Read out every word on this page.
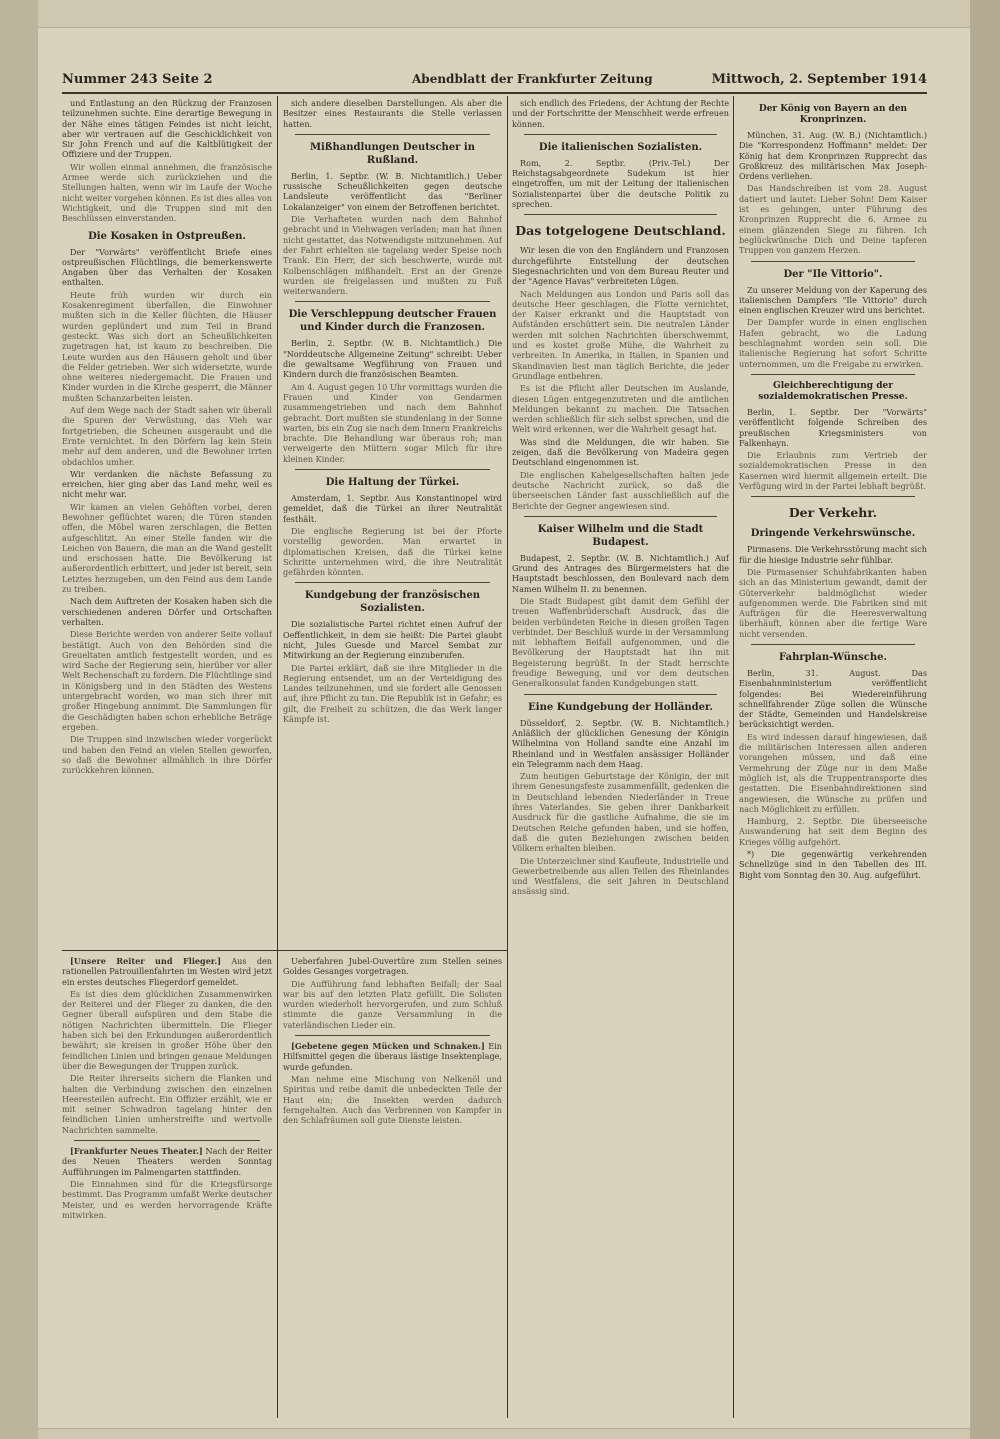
Nummer 243 Seite 2	Abendblatt der Frankfurter Zeitung	Mittwoch, 2. September 1914

und Entlastung an den Rückzug der Franzosen teilzunehmen suchte. Eine derartige Bewegung in der Nähe eines tätigen Feindes ist nicht leicht, aber wir vertrauen auf die Geschicklichkeit von Sir John French und auf die Kaltblütigkeit der Offiziere und der Truppen.

Wir wollen einmal annehmen, die französische Armee werde sich zurückziehen und die Stellungen halten, wenn wir im Laufe der Woche nicht weiter vorgehen können. Es ist dies alles von Wichtigkeit, und die Truppen sind mit den Beschlüssen einverstanden.

Die Kosaken in Ostpreußen.

Der "Vorwärts" veröffentlicht Briefe eines ostpreußischen Flüchtlings, die bemerkenswerte Angaben über das Verhalten der Kosaken enthalten.

Heute früh wurden wir durch ein Kosakenregiment überfallen, die Einwohner mußten sich in die Keller flüchten, die Häuser wurden geplündert und zum Teil in Brand gesteckt. Was sich dort an Scheußlichkeiten zugetragen hat, ist kaum zu beschreiben. Die Leute wurden aus den Häusern geholt und über die Felder getrieben. Wer sich widersetzte, wurde ohne weiteres niedergemacht. Die Frauen und Kinder wurden in die Kirche gesperrt, die Männer mußten Schanzarbeiten leisten.

Auf dem Wege nach der Stadt sahen wir überall die Spuren der Verwüstung, das Vieh war fortgetrieben, die Scheunen ausgeraubt und die Ernte vernichtet. In den Dörfern lag kein Stein mehr auf dem anderen, und die Bewohner irrten obdachlos umher.

Wir verdanken die nächste Befassung zu erreichen, hier ging aber das Land mehr, weil es nicht mehr war.

Wir kamen an vielen Gehöften vorbei, deren Bewohner geflüchtet waren; die Türen standen offen, die Möbel waren zerschlagen, die Betten aufgeschlitzt. An einer Stelle fanden wir die Leichen von Bauern, die man an die Wand gestellt und erschossen hatte. Die Bevölkerung ist außerordentlich erbittert, und jeder ist bereit, sein Letztes herzugeben, um den Feind aus dem Lande zu treiben.

Nach dem Auftreten der Kosaken haben sich die verschiedenen anderen Dörfer und Ortschaften verhalten.

Diese Berichte werden von anderer Seite vollauf bestätigt. Auch von den Behörden sind die Greueltaten amtlich festgestellt worden, und es wird Sache der Regierung sein, hierüber vor aller Welt Rechenschaft zu fordern. Die Flüchtlinge sind in Königsberg und in den Städten des Westens untergebracht worden, wo man sich ihrer mit großer Hingebung annimmt. Die Sammlungen für die Geschädigten haben schon erhebliche Beträge ergeben.

Die Truppen sind inzwischen wieder vorgerückt und haben den Feind an vielen Stellen geworfen, so daß die Bewohner allmählich in ihre Dörfer zurückkehren können.

sich andere dieselben Darstellungen. Als aber die Besitzer eines Restaurants die Stelle verlassen hatten.

Mißhandlungen Deutscher in Rußland.

Berlin, 1. Septbr. (W. B. Nichtamtlich.) Ueber russische Scheußlichkeiten gegen deutsche Landsleute veröffentlicht das "Berliner Lokalanzeiger" von einem der Betroffenen berichtet.

Die Verhafteten wurden nach dem Bahnhof gebracht und in Viehwagen verladen; man hat ihnen nicht gestattet, das Notwendigste mitzunehmen. Auf der Fahrt erhielten sie tagelang weder Speise noch Trank. Ein Herr, der sich beschwerte, wurde mit Kolbenschlägen mißhandelt. Erst an der Grenze wurden sie freigelassen und mußten zu Fuß weiterwandern.

Die Verschleppung deutscher Frauen und Kinder durch die Franzosen.

Berlin, 2. Septbr. (W. B. Nichtamtlich.) Die "Norddeutsche Allgemeine Zeitung" schreibt: Ueber die gewaltsame Wegführung von Frauen und Kindern durch die französischen Beamten.

Am 4. August gegen 10 Uhr vormittags wurden die Frauen und Kinder von Gendarmen zusammengetrieben und nach dem Bahnhof gebracht. Dort mußten sie stundenlang in der Sonne warten, bis ein Zug sie nach dem Innern Frankreichs brachte. Die Behandlung war überaus roh; man verweigerte den Müttern sogar Milch für ihre kleinen Kinder.

Die Haltung der Türkei.

Amsterdam, 1. Septbr. Aus Konstantinopel wird gemeldet, daß die Türkei an ihrer Neutralität festhält.

Die englische Regierung ist bei der Pforte vorstellig geworden. Man erwartet in diplomatischen Kreisen, daß die Türkei keine Schritte unternehmen wird, die ihre Neutralität gefährden könnten.

Kundgebung der französischen Sozialisten.

Die sozialistische Partei richtet einen Aufruf der Oeffentlichkeit, in dem sie heißt: Die Partei glaubt nicht, Jules Guesde und Marcel Sembat zur Mitwirkung an der Regierung einzuberufen.

Die Partei erklärt, daß sie ihre Mitglieder in die Regierung entsendet, um an der Verteidigung des Landes teilzunehmen, und sie fordert alle Genossen auf, ihre Pflicht zu tun. Die Republik ist in Gefahr; es gilt, die Freiheit zu schützen, die das Werk langer Kämpfe ist.

sich endlich des Friedens, der Achtung der Rechte und der Fortschritte der Menschheit werde erfreuen können.

Die italienischen Sozialisten.

Rom, 2. Septbr. (Priv.-Tel.) Der Reichstagsabgeordnete Sudekum ist hier eingetroffen, um mit der Leitung der italienischen Sozialistenpartei über die deutsche Politik zu sprechen.

Das totgelogene Deutschland.

Wir lesen die von den Engländern und Franzosen durchgeführte Entstellung der deutschen Siegesnachrichten und von dem Bureau Reuter und der "Agence Havas" verbreiteten Lügen.

Nach Meldungen aus London und Paris soll das deutsche Heer geschlagen, die Flotte vernichtet, der Kaiser erkrankt und die Hauptstadt von Aufständen erschüttert sein. Die neutralen Länder werden mit solchen Nachrichten überschwemmt, und es kostet große Mühe, die Wahrheit zu verbreiten. In Amerika, in Italien, in Spanien und Skandinavien liest man täglich Berichte, die jeder Grundlage entbehren.

Es ist die Pflicht aller Deutschen im Auslande, diesen Lügen entgegenzutreten und die amtlichen Meldungen bekannt zu machen. Die Tatsachen werden schließlich für sich selbst sprechen, und die Welt wird erkennen, wer die Wahrheit gesagt hat.

Was sind die Meldungen, die wir haben. Sie zeigen, daß die Bevölkerung von Madeira gegen Deutschland eingenommen ist.

Die englischen Kabelgesellschaften halten jede deutsche Nachricht zurück, so daß die überseeischen Länder fast ausschließlich auf die Berichte der Gegner angewiesen sind.

Kaiser Wilhelm und die Stadt Budapest.

Budapest, 2. Septbr. (W. B. Nichtamtlich.) Auf Grund des Antrages des Bürgermeisters hat die Hauptstadt beschlossen, den Boulevard nach dem Namen Wilhelm II. zu benennen.

Die Stadt Budapest gibt damit dem Gefühl der treuen Waffenbrüderschaft Ausdruck, das die beiden verbündeten Reiche in diesen großen Tagen verbindet. Der Beschluß wurde in der Versammlung mit lebhaftem Beifall aufgenommen, und die Bevölkerung der Hauptstadt hat ihn mit Begeisterung begrüßt. In der Stadt herrschte freudige Bewegung, und vor dem deutschen Generalkonsulat fanden Kundgebungen statt.

Eine Kundgebung der Holländer.

Düsseldorf, 2. Septbr. (W. B. Nichtamtlich.) Anläßlich der glücklichen Genesung der Königin Wilhelmina von Holland sandte eine Anzahl im Rheinland und in Westfalen ansässiger Holländer ein Telegramm nach dem Haag.

Zum heutigen Geburtstage der Königin, der mit ihrem Genesungsfeste zusammenfällt, gedenken die in Deutschland lebenden Niederländer in Treue ihres Vaterlandes. Sie geben ihrer Dankbarkeit Ausdruck für die gastliche Aufnahme, die sie im Deutschen Reiche gefunden haben, und sie hoffen, daß die guten Beziehungen zwischen beiden Völkern erhalten bleiben.

Die Unterzeichner sind Kaufleute, Industrielle und Gewerbetreibende aus allen Teilen des Rheinlandes und Westfalens, die seit Jahren in Deutschland ansässig sind.

Der König von Bayern an den Kronprinzen.

München, 31. Aug. (W. B.) (Nichtamtlich.) Die "Korrespondenz Hoffmann" meldet: Der König hat dem Kronprinzen Rupprecht das Großkreuz des militärischen Max Joseph-Ordens verliehen.

Das Handschreiben ist vom 28. August datiert und lautet: Lieber Sohn! Dem Kaiser ist es gelungen, unter Führung des Kronprinzen Rupprecht die 6. Armee zu einem glänzenden Siege zu führen. Ich beglückwünsche Dich und Deine tapferen Truppen von ganzem Herzen.

Der "Ile Vittorio".

Zu unserer Meldung von der Kaperung des italienischen Dampfers "Ile Vittorio" durch einen englischen Kreuzer wird uns berichtet.

Der Dampfer wurde in einen englischen Hafen gebracht, wo die Ladung beschlagnahmt worden sein soll. Die italienische Regierung hat sofort Schritte unternommen, um die Freigabe zu erwirken.

Gleichberechtigung der sozialdemokratischen Presse.

Berlin, 1. Septbr. Der "Vorwärts" veröffentlicht folgende Schreiben des preußischen Kriegsministers von Falkenhayn.

Die Erlaubnis zum Vertrieb der sozialdemokratischen Presse in den Kasernen wird hiermit allgemein erteilt. Die Verfügung wird in der Partei lebhaft begrüßt.

Der Verkehr.
Dringende Verkehrswünsche.

Pirmasens. Die Verkehrsstörung macht sich für die hiesige Industrie sehr fühlbar.

Die Pirmasenser Schuhfabrikanten haben sich an das Ministerium gewandt, damit der Güterverkehr baldmöglichst wieder aufgenommen werde. Die Fabriken sind mit Aufträgen für die Heeresverwaltung überhäuft, können aber die fertige Ware nicht versenden.

Fahrplan-Wünsche.

Berlin, 31. August. Das Eisenbahnministerium veröffentlicht folgendes: Bei Wiedereinführung schnellfahrender Züge sollen die Wünsche der Städte, Gemeinden und Handelskreise berücksichtigt werden.

Es wird indessen darauf hingewiesen, daß die militärischen Interessen allen anderen vorangehen müssen, und daß eine Vermehrung der Züge nur in dem Maße möglich ist, als die Truppentransporte dies gestatten. Die Eisenbahndirektionen sind angewiesen, die Wünsche zu prüfen und nach Möglichkeit zu erfüllen.

Hamburg, 2. Septbr. Die überseeische Auswanderung hat seit dem Beginn des Krieges völlig aufgehört.

*) Die gegenwärtig verkehrenden Schnellzüge sind in den Tabellen des III. Bight vom Sonntag den 30. Aug. aufgeführt.

[Unsere Reiter und Flieger.] Aus den rationellen Patrouillenfahrten im Westen wird jetzt ein erstes deutsches Fliegerdorf gemeldet.

Es ist dies dem glücklichen Zusammenwirken der Reiterei und der Flieger zu danken, die den Gegner überall aufspüren und dem Stabe die nötigen Nachrichten übermitteln. Die Flieger haben sich bei den Erkundungen außerordentlich bewährt; sie kreisen in großer Höhe über den feindlichen Linien und bringen genaue Meldungen über die Bewegungen der Truppen zurück.

Die Reiter ihrerseits sichern die Flanken und halten die Verbindung zwischen den einzelnen Heeresteilen aufrecht. Ein Offizier erzählt, wie er mit seiner Schwadron tagelang hinter den feindlichen Linien umherstreifte und wertvolle Nachrichten sammelte.

[Frankfurter Neues Theater.] Nach der Reiter des Neuen Theaters werden Sonntag Aufführungen im Palmengarten stattfinden.

Die Einnahmen sind für die Kriegsfürsorge bestimmt. Das Programm umfaßt Werke deutscher Meister, und es werden hervorragende Kräfte mitwirken.

Ueberfahren Jubel-Ouvertüre zum Stellen seines Goldes Gesanges vorgetragen.

Die Aufführung fand lebhaften Beifall; der Saal war bis auf den letzten Platz gefüllt. Die Solisten wurden wiederholt hervorgerufen, und zum Schluß stimmte die ganze Versammlung in die vaterländischen Lieder ein.

[Gebetene gegen Mücken und Schnaken.] Ein Hilfsmittel gegen die überaus lästige Insektenplage, wurde gefunden.

Man nehme eine Mischung von Nelkenöl und Spiritus und reibe damit die unbedeckten Teile der Haut ein; die Insekten werden dadurch ferngehalten. Auch das Verbrennen von Kampfer in den Schlafräumen soll gute Dienste leisten.
